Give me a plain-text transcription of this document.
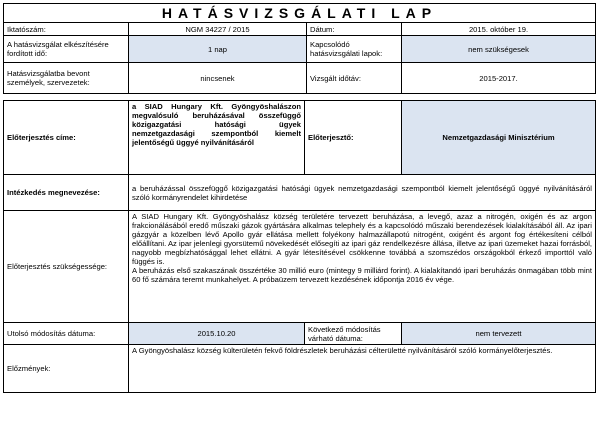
HATÁSVIZSGÁLATI LAP			
Iktatószám:	NGM 34227 / 2015	Dátum:	2015. október 19.
A hatásvizsgálat elkészítésére fordított idő:	1 nap	Kapcsolódó hatásvizsgálati lapok:	nem szükségesek
Hatásvizsgálatba bevont személyek, szervezetek:	nincsenek	Vizsgált időtáv:	2015-2017.
Előterjesztés címe:	a SIAD Hungary Kft. Gyöngyöshalászon megvalósuló beruházásával összefüggő közigazgatási hatósági ügyek nemzetgazdasági szempontból kiemelt jelentőségű üggyé nyilvánításáról	Előterjesztő:	Nemzetgazdasági Minisztérium
Intézkedés megnevezése:	a beruházással összefüggő közigazgatási hatósági ügyek nemzetgazdasági szempontból kiemelt jelentőségű üggyé nyilvánításáról szóló kormányrendelet kihirdetése		
Előterjesztés szükségessége:	A SIAD Hungary Kft. Gyöngyöshalász község területére tervezett beruházása, a levegő, azaz a nitrogén, oxigén és az argon frakcionálásából eredő műszaki gázok gyártására alkalmas telephely és a kapcsolódó műszaki berendezések kialakításából áll. Az ipari gázgyár a közelben lévő Apollo gyár ellátása mellett folyékony halmazállapotú nitrogént, oxigént és argont fog értékesíteni célból előállítani. Az ipar jelenlegi gyorsütemű növekedését elősegíti az ipari gáz rendelkezésre állása, illetve az ipari üzemeket hazai forrásból, nagyobb megbízhatósággal lehet ellátni. A gyár létesítésével csökkenne továbbá a szomszédos országokból érkező importtól való függés is.
A beruházás első szakaszának összértéke 30 millió euro (mintegy 9 milliárd forint). A kialakítandó ipari beruházás önmagában több mint 60 fő számára teremt munkahelyet. A próbaüzem tervezett kezdésének időpontja 2016 év vége.		

Utolsó módosítás dátuma:	2015.10.20	Következő módosítás várható dátuma:	nem tervezett
Előzmények:	A Gyöngyöshalász község külterületén fekvő földrészletek beruházási célterületté nyilvánításáról szóló kormányelőterjesztés.		
